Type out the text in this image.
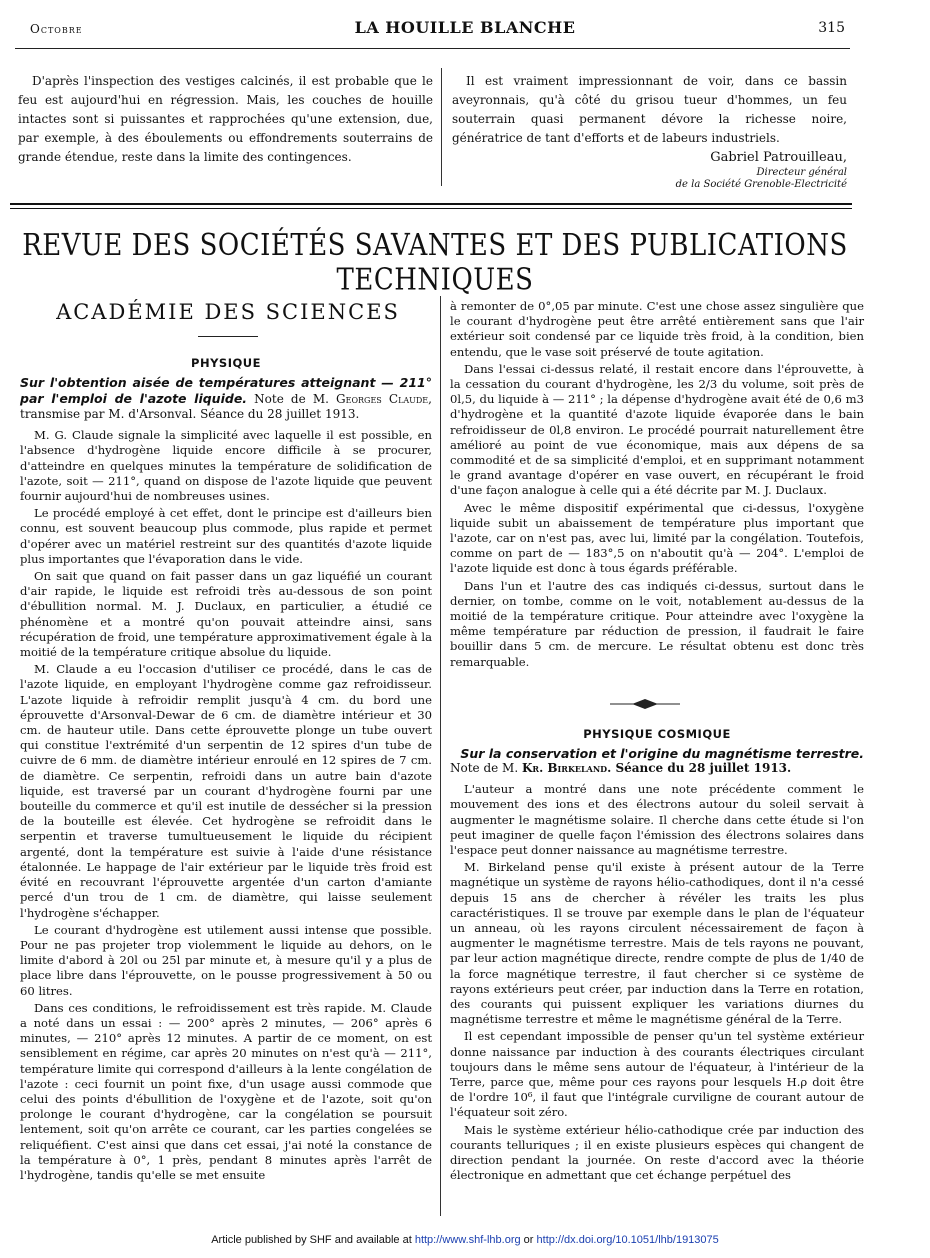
Octobre	LA HOUILLE BLANCHE	315

D'après l'inspection des vestiges calcinés, il est probable que le feu est aujourd'hui en régression. Mais, les couches de houille intactes sont si puissantes et rapprochées qu'une extension, due, par exemple, à des éboulements ou effondrements souterrains de grande étendue, reste dans la limite des contingences.

Il est vraiment impressionnant de voir, dans ce bassin aveyronnais, qu'à côté du grisou tueur d'hommes, un feu souterrain quasi permanent dévore la richesse noire, génératrice de tant d'efforts et de labeurs industriels.

Gabriel Patrouilleau,
Directeur général
de la Société Grenoble-Electricité
REVUE DES SOCIÉTÉS SAVANTES ET DES PUBLICATIONS TECHNIQUES
ACADÉMIE DES SCIENCES
PHYSIQUE
Sur l'obtention aisée de températures atteignant — 211° par l'emploi de l'azote liquide. Note de M. Georges Claude, transmise par M. d'Arsonval. Séance du 28 juillet 1913.

M. G. Claude signale la simplicité avec laquelle il est possible, en l'absence d'hydrogène liquide encore difficile à se procurer, d'atteindre en quelques minutes la température de solidification de l'azote, soit — 211°, quand on dispose de l'azote liquide que peuvent fournir aujourd'hui de nombreuses usines.

Le procédé employé à cet effet, dont le principe est d'ailleurs bien connu, est souvent beaucoup plus commode, plus rapide et permet d'opérer avec un matériel restreint sur des quantités d'azote liquide plus importantes que l'évaporation dans le vide.

On sait que quand on fait passer dans un gaz liquéfié un courant d'air rapide, le liquide est refroidi très au-dessous de son point d'ébullition normal. M. J. Duclaux, en particulier, a étudié ce phénomène et a montré qu'on pouvait atteindre ainsi, sans récupération de froid, une température approximativement égale à la moitié de la température critique absolue du liquide.

M. Claude a eu l'occasion d'utiliser ce procédé, dans le cas de l'azote liquide, en employant l'hydrogène comme gaz refroidisseur. L'azote liquide à refroidir remplit jusqu'à 4 cm. du bord une éprouvette d'Arsonval-Dewar de 6 cm. de diamètre intérieur et 30 cm. de hauteur utile. Dans cette éprouvette plonge un tube ouvert qui constitue l'extrémité d'un serpentin de 12 spires d'un tube de cuivre de 6 mm. de diamètre intérieur enroulé en 12 spires de 7 cm. de diamètre. Ce serpentin, refroidi dans un autre bain d'azote liquide, est traversé par un courant d'hydrogène fourni par une bouteille du commerce et qu'il est inutile de dessécher si la pression de la bouteille est élevée. Cet hydrogène se refroidit dans le serpentin et traverse tumultueusement le liquide du récipient argenté, dont la température est suivie à l'aide d'une résistance étalonnée. Le happage de l'air extérieur par le liquide très froid est évité en recouvrant l'éprouvette argentée d'un carton d'amiante percé d'un trou de 1 cm. de diamètre, qui laisse seulement l'hydrogène s'échapper.

Le courant d'hydrogène est utilement aussi intense que possible. Pour ne pas projeter trop violemment le liquide au dehors, on le limite d'abord à 20l ou 25l par minute et, à mesure qu'il y a plus de place libre dans l'éprouvette, on le pousse progressivement à 50 ou 60 litres.

Dans ces conditions, le refroidissement est très rapide. M. Claude a noté dans un essai : — 200° après 2 minutes, — 206° après 6 minutes, — 210° après 12 minutes. A partir de ce moment, on est sensiblement en régime, car après 20 minutes on n'est qu'à — 211°, température limite qui correspond d'ailleurs à la lente congélation de l'azote : ceci fournit un point fixe, d'un usage aussi commode que celui des points d'ébullition de l'oxygène et de l'azote, soit qu'on prolonge le courant d'hydrogène, car la congélation se poursuit lentement, soit qu'on arrête ce courant, car les parties congelées se reliquéfient. C'est ainsi que dans cet essai, j'ai noté la constance de la température à 0°, 1 près, pendant 8 minutes après l'arrêt de l'hydrogène, tandis qu'elle se met ensuite

à remonter de 0°,05 par minute. C'est une chose assez singulière que le courant d'hydrogène peut être arrêté entièrement sans que l'air extérieur soit condensé par ce liquide très froid, à la condition, bien entendu, que le vase soit préservé de toute agitation.

Dans l'essai ci-dessus relaté, il restait encore dans l'éprouvette, à la cessation du courant d'hydrogène, les 2/3 du volume, soit près de 0l,5, du liquide à — 211° ; la dépense d'hydrogène avait été de 0,6 m3 d'hydrogène et la quantité d'azote liquide évaporée dans le bain refroidisseur de 0l,8 environ. Le procédé pourrait naturellement être amélioré au point de vue économique, mais aux dépens de sa commodité et de sa simplicité d'emploi, et en supprimant notamment le grand avantage d'opérer en vase ouvert, en récupérant le froid d'une façon analogue à celle qui a été décrite par M. J. Duclaux.

Avec le même dispositif expérimental que ci-dessus, l'oxygène liquide subit un abaissement de température plus important que l'azote, car on n'est pas, avec lui, limité par la congélation. Toutefois, comme on part de — 183°,5 on n'aboutit qu'à — 204°. L'emploi de l'azote liquide est donc à tous égards préférable.

Dans l'un et l'autre des cas indiqués ci-dessus, surtout dans le dernier, on tombe, comme on le voit, notablement au-dessus de la moitié de la température critique. Pour atteindre avec l'oxygène la même température par réduction de pression, il faudrait le faire bouillir dans 5 cm. de mercure. Le résultat obtenu est donc très remarquable.

PHYSIQUE COSMIQUE
Sur la conservation et l'origine du magnétisme terrestre.
Note de M. Kr. Birkeland. Séance du 28 juillet 1913.

L'auteur a montré dans une note précédente comment le mouvement des ions et des électrons autour du soleil servait à augmenter le magnétisme solaire. Il cherche dans cette étude si l'on peut imaginer de quelle façon l'émission des électrons solaires dans l'espace peut donner naissance au magnétisme terrestre.

M. Birkeland pense qu'il existe à présent autour de la Terre magnétique un système de rayons hélio-cathodiques, dont il n'a cessé depuis 15 ans de chercher à révéler les traits les plus caractéristiques. Il se trouve par exemple dans le plan de l'équateur un anneau, où les rayons circulent nécessairement de façon à augmenter le magnétisme terrestre. Mais de tels rayons ne pouvant, par leur action magnétique directe, rendre compte de plus de 1/40 de la force magnétique terrestre, il faut chercher si ce système de rayons extérieurs peut créer, par induction dans la Terre en rotation, des courants qui puissent expliquer les variations diurnes du magnétisme terrestre et même le magnétisme général de la Terre.

Il est cependant impossible de penser qu'un tel système extérieur donne naissance par induction à des courants électriques circulant toujours dans le même sens autour de l'équateur, à l'intérieur de la Terre, parce que, même pour ces rayons pour lesquels H.ρ doit être de l'ordre 10⁶, il faut que l'intégrale curviligne de courant autour de l'équateur soit zéro.

Mais le système extérieur hélio-cathodique crée par induction des courants telluriques ; il en existe plusieurs espèces qui changent de direction pendant la journée. On reste d'accord avec la théorie électronique en admettant que cet échange perpétuel des

Article published by SHF and available at http://www.shf-lhb.org or http://dx.doi.org/10.1051/lhb/1913075
